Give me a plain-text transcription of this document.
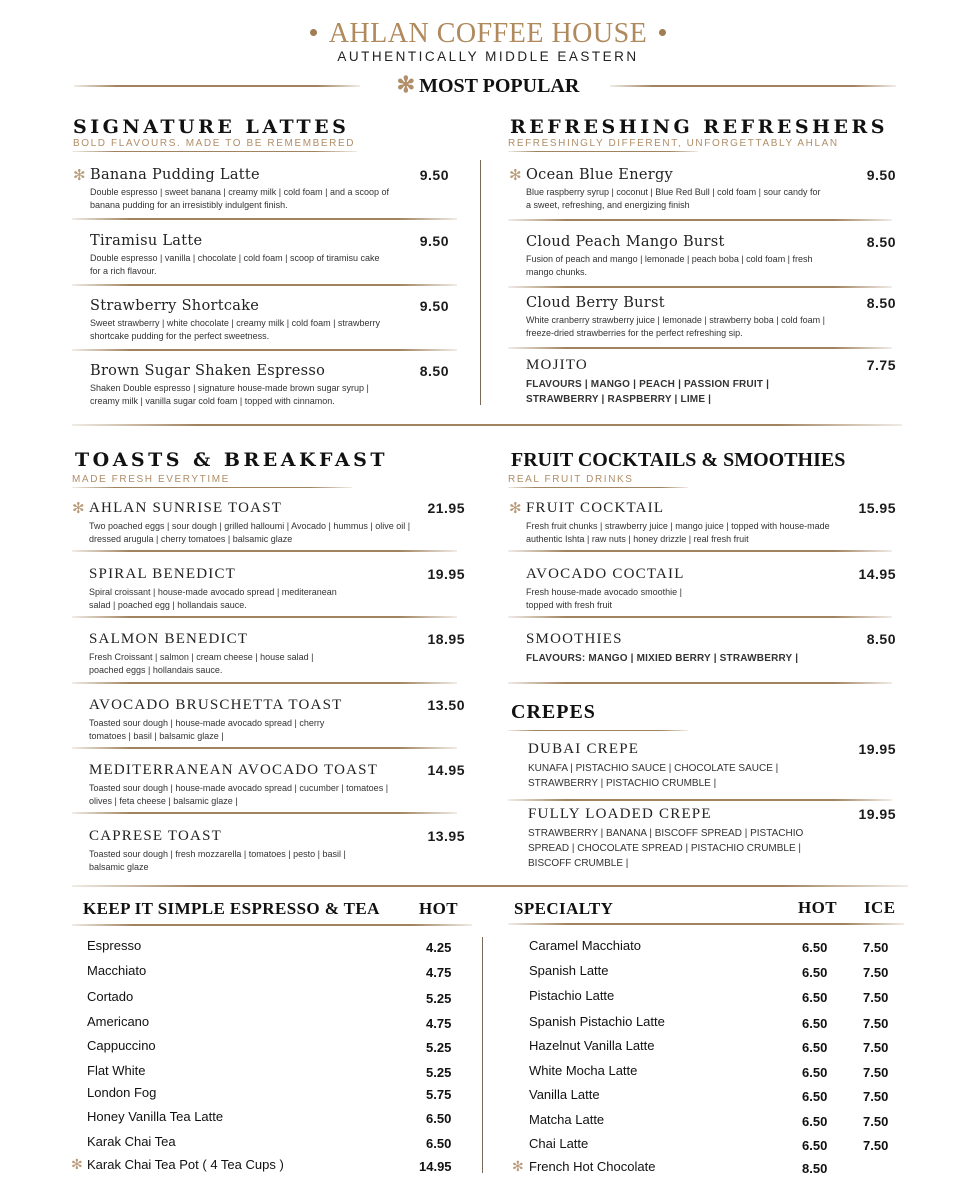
AHLAN COFFEE HOUSE
AUTHENTICALLY MIDDLE EASTERN
✻ MOST POPULAR
SIGNATURE LATTES
BOLD FLAVOURS. MADE TO BE REMEMBERED
✻ Banana Pudding Latte
Double espresso | sweet banana | creamy milk | cold foam | and a scoop of banana pudding for an irresistibly indulgent finish.
9.50
Tiramisu Latte
Double espresso | vanilla | chocolate | cold foam | scoop of tiramisu cake for a rich flavour.
9.50
Strawberry Shortcake
Sweet strawberry | white chocolate | creamy milk | cold foam | strawberry shortcake pudding for the perfect sweetness.
9.50
Brown Sugar Shaken Espresso
Shaken Double espresso | signature house-made brown sugar syrup | creamy milk | vanilla sugar cold foam | topped with cinnamon.
8.50
REFRESHING REFRESHERS
REFRESHINGLY DIFFERENT, UNFORGETTABLY AHLAN
✻ Ocean Blue Energy
Blue raspberry syrup | coconut | Blue Red Bull | cold foam | sour candy for a sweet, refreshing, and energizing finish
9.50
Cloud Peach Mango Burst
Fusion of peach and mango | lemonade | peach boba | cold foam | fresh mango chunks.
8.50
Cloud Berry Burst
White cranberry strawberry juice | lemonade | strawberry boba | cold foam | freeze-dried strawberries for the perfect refreshing sip.
8.50
MOJITO
FLAVOURS | MANGO | PEACH | PASSION FRUIT | STRAWBERRY | RASPBERRY | LIME |
7.75
TOASTS & BREAKFAST
MADE FRESH EVERYTIME
✻ AHLAN SUNRISE TOAST
Two poached eggs | sour dough | grilled halloumi | Avocado | hummus | olive oil | dressed arugula | cherry tomatoes | balsamic glaze
21.95
SPIRAL BENEDICT
Spiral croissant | house-made avocado spread | mediteranean salad | poached egg | hollandais sauce.
19.95
SALMON BENEDICT
Fresh Croissant | salmon | cream cheese | house salad | poached eggs | hollandais sauce.
18.95
AVOCADO BRUSCHETTA TOAST
Toasted sour dough | house-made avocado spread | cherry tomatoes | basil | balsamic glaze |
13.50
MEDITERRANEAN AVOCADO TOAST
Toasted sour dough | house-made avocado spread | cucumber | tomatoes | olives | feta cheese | balsamic glaze |
14.95
CAPRESE TOAST
Toasted sour dough | fresh mozzarella | tomatoes | pesto | basil | balsamic glaze
13.95
FRUIT COCKTAILS & SMOOTHIES
REAL FRUIT DRINKS
✻ FRUIT COCKTAIL
Fresh fruit chunks | strawberry juice | mango juice | topped with house-made authentic Ishta | raw nuts | honey drizzle | real fresh fruit
15.95
AVOCADO COCTAIL
Fresh house-made avocado smoothie | topped with fresh fruit
14.95
SMOOTHIES
FLAVOURS: MANGO | MIXIED BERRY | STRAWBERRY |
8.50
CREPES
DUBAI CREPE
KUNAFA | PISTACHIO SAUCE | CHOCOLATE SAUCE | STRAWBERRY | PISTACHIO CRUMBLE |
19.95
FULLY LOADED CREPE
STRAWBERRY | BANANA | BISCOFF SPREAD | PISTACHIO SPREAD | CHOCOLATE SPREAD | PISTACHIO CRUMBLE | BISCOFF CRUMBLE |
19.95
KEEP IT SIMPLE ESPRESSO & TEA HOT
Espresso	4.25
Macchiato	4.75
Cortado	5.25
Americano	4.75
Cappuccino	5.25
Flat White	5.25
London Fog	5.75
Honey Vanilla Tea Latte	6.50
Karak Chai Tea	6.50
Karak Chai Tea Pot ( 4 Tea Cups )	14.95
✻
SPECIALTY	HOT ICE
Caramel Macchiato	6.50	7.50
Spanish Latte	6.50	7.50
Pistachio Latte	6.50	7.50
Spanish Pistachio Latte	6.50	7.50
Hazelnut Vanilla Latte	6.50	7.50
White Mocha Latte	6.50	7.50
Vanilla Latte	6.50	7.50
Matcha Latte	6.50	7.50
Chai Latte	6.50	7.50
French Hot Chocolate	8.50
✻
